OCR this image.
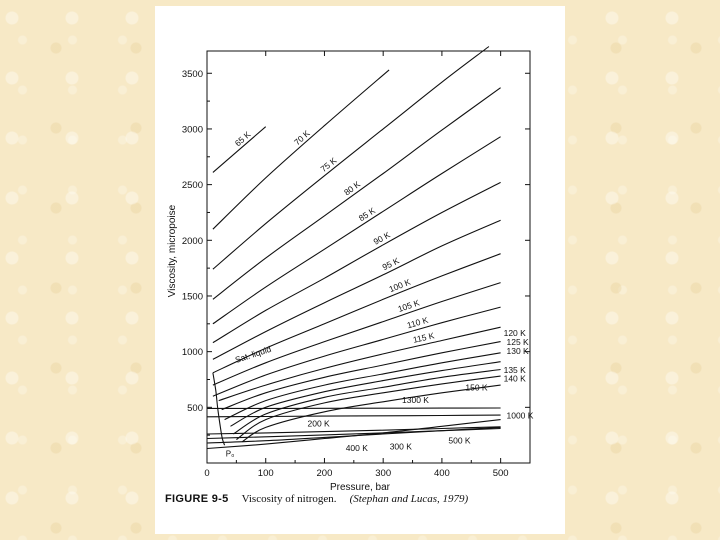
0	100	200	300	400	500
500
1000
1500
2000
2500
3000
3500
65 K	70 K
75 K
80 K
85 K
90 K
95 K
100 K
105 K
110 K
115 K	120 K
125 K
130 K
135 K
140 K
150 K
200 K
300 K
400 K
500 K
1000 K
1300 K
Sat. liquid
P₀
Viscosity, micropoise
Pressure, bar
FIGURE 9-5 Viscosity of nitrogen. (Stephan and Lucas, 1979)
